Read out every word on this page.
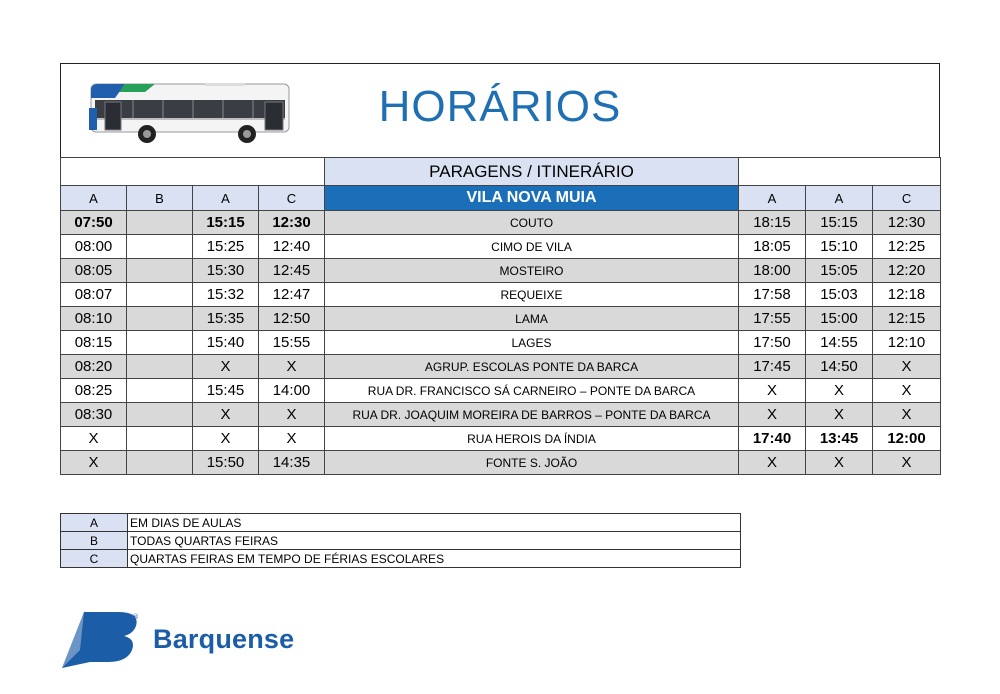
HORÁRIOS
				PARAGENS / ITINERÁRIO			
A	B	A	C	VILA NOVA MUIA	A	A	C
07:50		15:15	12:30	COUTO	18:15	15:15	12:30
08:00		15:25	12:40	CIMO DE VILA	18:05	15:10	12:25
08:05		15:30	12:45	MOSTEIRO	18:00	15:05	12:20
08:07		15:32	12:47	REQUEIXE	17:58	15:03	12:18
08:10		15:35	12:50	LAMA	17:55	15:00	12:15
08:15		15:40	15:55	LAGES	17:50	14:55	12:10
08:20		X	X	AGRUP. ESCOLAS PONTE DA BARCA	17:45	14:50	X
08:25		15:45	14:00	RUA DR. FRANCISCO SÁ CARNEIRO – PONTE DA BARCA	X	X	X
08:30		X	X	RUA DR. JOAQUIM MOREIRA DE BARROS – PONTE DA BARCA	X	X	X
X		X	X	RUA HEROIS DA ÍNDIA	17:40	13:45	12:00
X		15:50	14:35	FONTE S. JOÃO	X	X	X
A	EM DIAS DE AULAS
B	TODAS QUARTAS FEIRAS
C	QUARTAS FEIRAS EM TEMPO DE FÉRIAS ESCOLARES
®
Barquense
